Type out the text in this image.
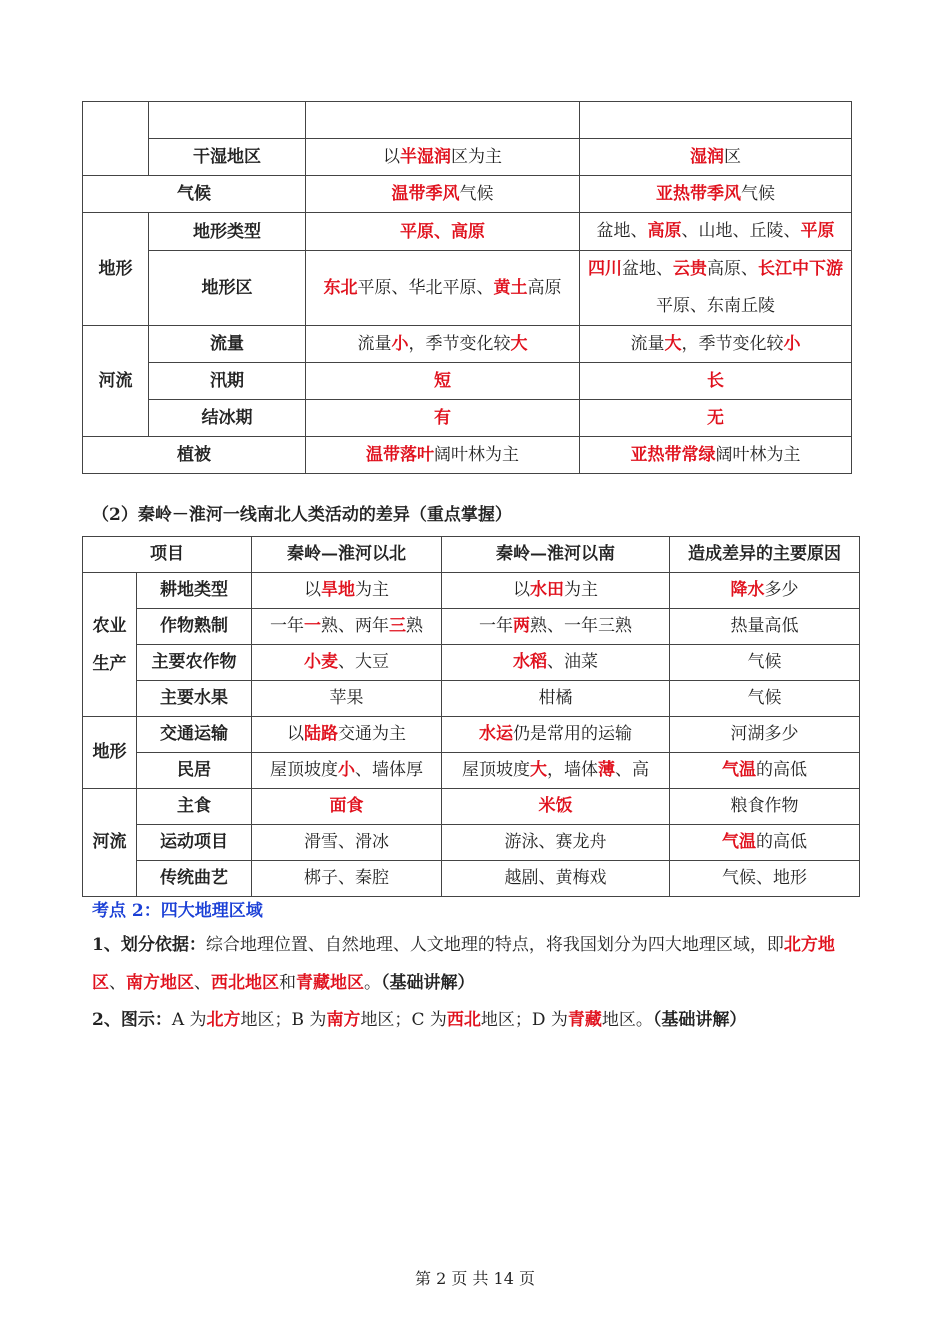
	干湿地区	以半湿润区为主	湿润区
气候		温带季风气候	亚热带季风气候
地形	地形类型	平原、高原	盆地、高原、山地、丘陵、平原
	地形区	东北平原、华北平原、黄土高原	四川盆地、云贵高原、长江中下游平原、东南丘陵
河流	流量	流量小，季节变化较大	流量大，季节变化较小
	汛期	短	长
	结冰期	有	无
植被		温带落叶阔叶林为主	亚热带常绿阔叶林为主
（2）秦岭－淮河一线南北人类活动的差异（重点掌握）
项目		秦岭—淮河以北	秦岭—淮河以南	造成差异的主要原因
农业生产	耕地类型	以旱地为主	以水田为主	降水多少
	作物熟制	一年一熟、两年三熟	一年两熟、一年三熟	热量高低
	主要农作物	小麦、大豆	水稻、油菜	气候
	主要水果	苹果	柑橘	气候
地形	交通运输	以陆路交通为主	水运仍是常用的运输	河湖多少
	民居	屋顶坡度小、墙体厚	屋顶坡度大，墙体薄、高	气温的高低
河流	主食	面食	米饭	粮食作物
	运动项目	滑雪、滑冰	游泳、赛龙舟	气温的高低
	传统曲艺	梆子、秦腔	越剧、黄梅戏	气候、地形
考点 2：四大地理区域
1、划分依据：综合地理位置、自然地理、人文地理的特点，将我国划分为四大地理区域，即北方地区、南方地区、西北地区和青藏地区。（基础讲解）
2、图示：A 为北方地区；B 为南方地区；C 为西北地区；D 为青藏地区。（基础讲解）
第 2 页 共 14 页
